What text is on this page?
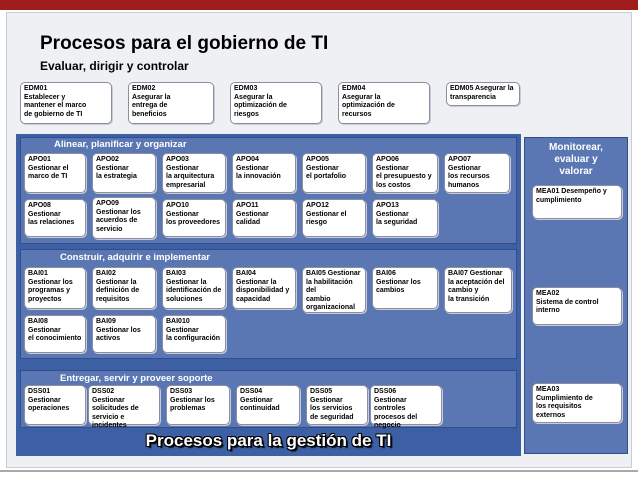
Procesos para el gobierno de TI
Evaluar, dirigir y controlar
EDM01
Establecer y
mantener el marco
de gobierno de TI
EDM02
Asegurar la
entrega de
beneficios
EDM03
Asegurar la
optimización de
riesgos
EDM04
Asegurar la
optimización de
recursos
EDM05 Asegurar la transparencia
Alinear, planificar y organizar
APO01
Gestionar el
marco de TI
APO02
Gestionar
la estrategia
APO03
Gestionar
la arquitectura
empresarial
APO04
Gestionar
la innovación
APO05
Gestionar
el portafolio
APO06
Gestionar
el presupuesto y
los costos
APO07
Gestionar
los recursos
humanos
APO08
Gestionar
las relaciones
APO09
Gestionar los
acuerdos de
servicio
APO10
Gestionar
los proveedores
APO11
Gestionar calidad
APO12
Gestionar el
riesgo
APO13
Gestionar
la seguridad
Construir, adquirir e implementar
BAI01
Gestionar los
programas y
proyectos
BAI02
Gestionar la
definición de
requisitos
BAI03
Gestionar la
identificación de
soluciones
BAI04
Gestionar la
disponibilidad y
capacidad
BAI05 Gestionar
la habilitación del
cambio
organizacional
BAI06
Gestionar los
cambios
BAI07 Gestionar
la aceptación del
cambio y
la transición
BAI08
Gestionar
el conocimiento
BAI09
Gestionar los
activos
BAI010
Gestionar
la configuración
Entregar, servir y proveer soporte
DSS01
Gestionar
operaciones
DSS02
Gestionar
solicitudes de
servicio e incidentes
DSS03
Gestionar los
problemas
DSS04
Gestionar
continuidad
DSS05
Gestionar
los servicios
de seguridad
DSS06
Gestionar controles
procesos del
negocio
Procesos para la gestión de TI
Monitorear,
evaluar y
valorar
MEA01 Desempeño y cumplimiento
MEA02
Sistema de control
interno
MEA03
Cumplimiento de
los requisitos
externos
